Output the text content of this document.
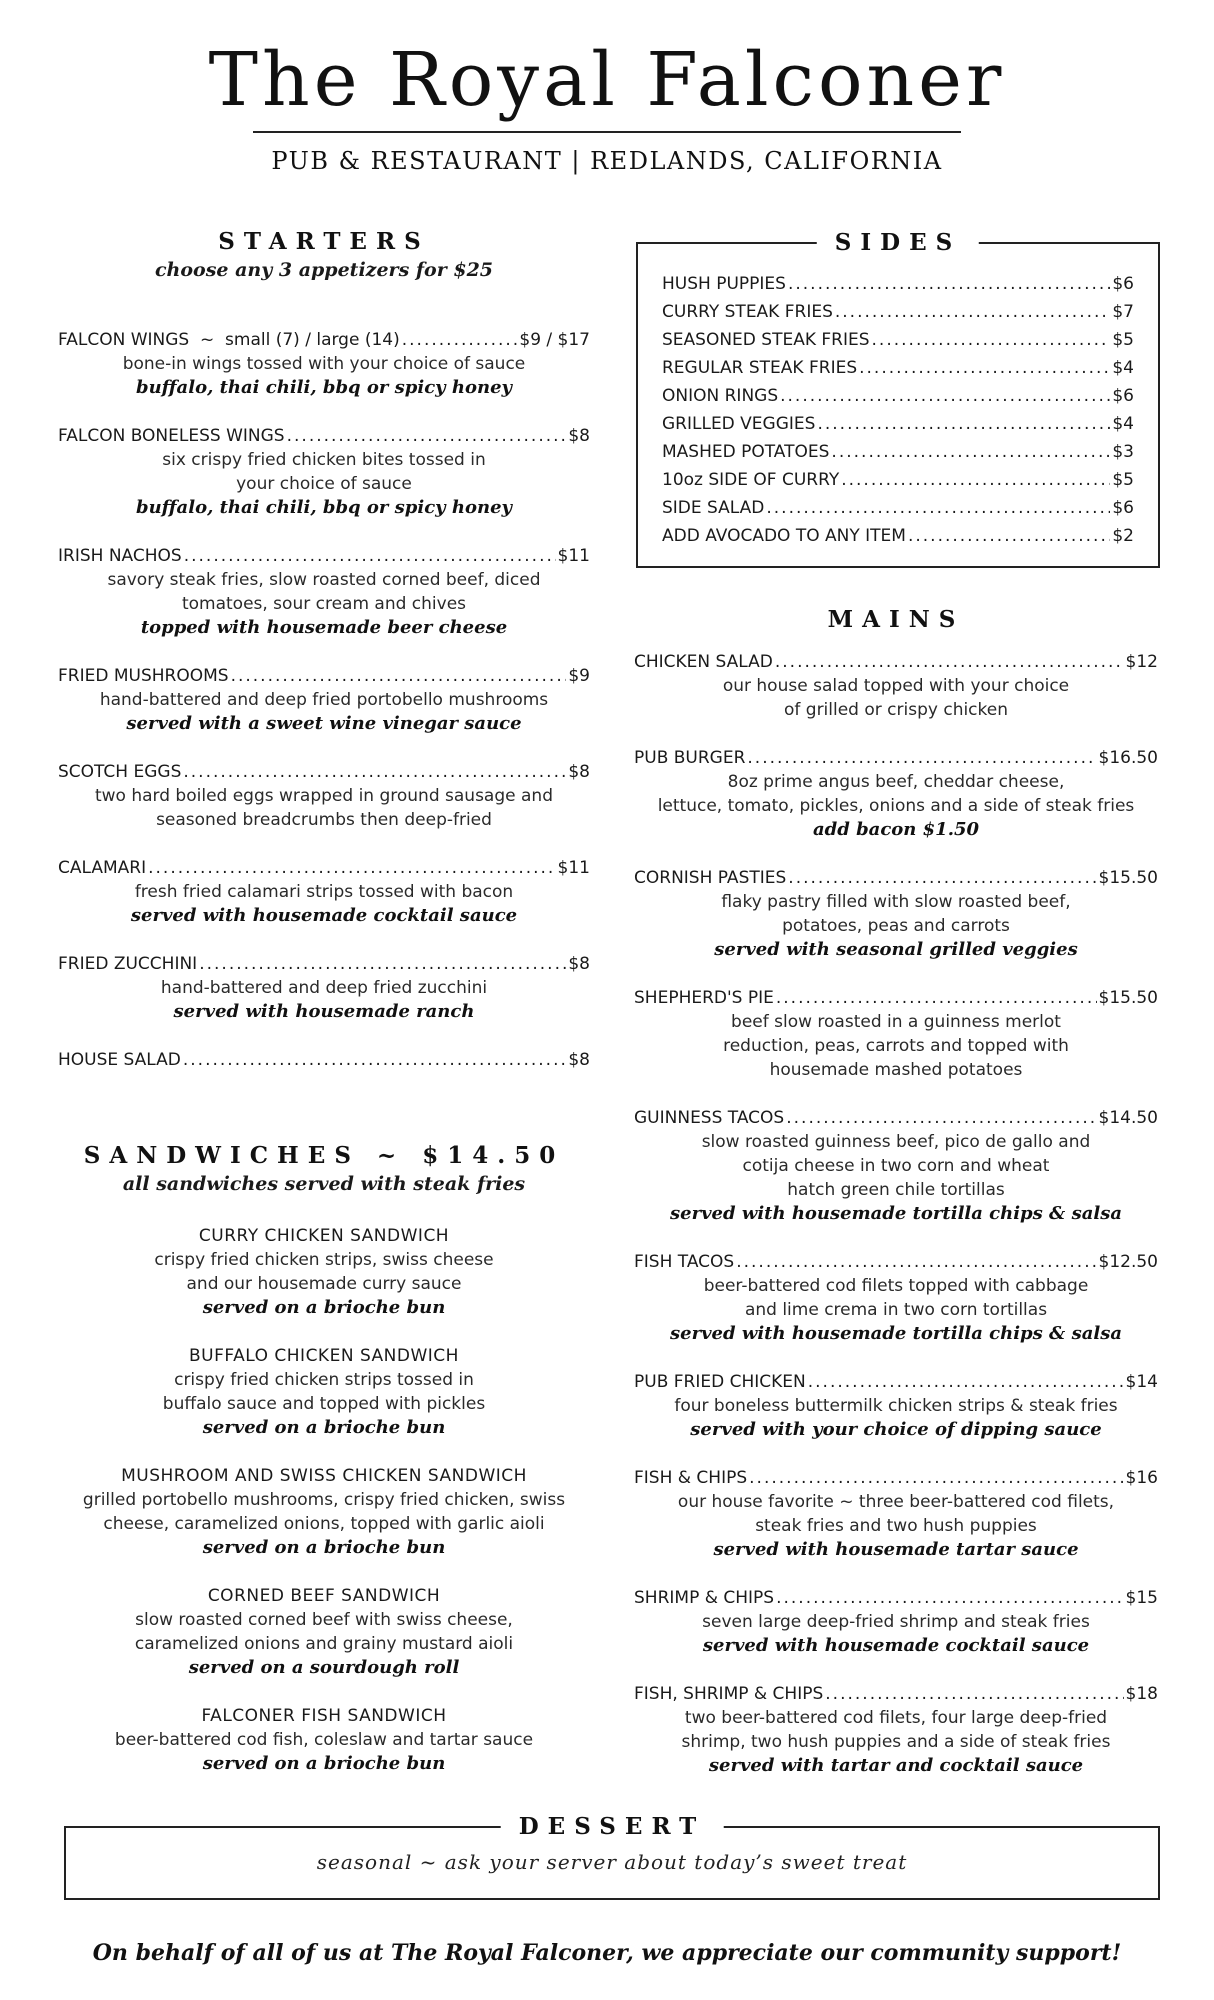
The Royal Falconer
PUB & RESTAURANT | REDLANDS, CALIFORNIA
STARTERS
choose any 3 appetizers for $25
FALCON WINGS  ~  small (7) / large (14) .....	$9 / $17
bone-in wings tossed with your choice of sauce
buffalo, thai chili, bbq or spicy honey
FALCON BONELESS WINGS .....	$8
six crispy fried chicken bites tossed in
your choice of sauce
buffalo, thai chili, bbq or spicy honey
IRISH NACHOS .....	$11
savory steak fries, slow roasted corned beef, diced
tomatoes, sour cream and chives
topped with housemade beer cheese
FRIED MUSHROOMS .....	$9
hand-battered and deep fried portobello mushrooms
served with a sweet wine vinegar sauce
SCOTCH EGGS .....	$8
two hard boiled eggs wrapped in ground sausage and
seasoned breadcrumbs then deep-fried
CALAMARI .....	$11
fresh fried calamari strips tossed with bacon
served with housemade cocktail sauce
FRIED ZUCCHINI .....	$8
hand-battered and deep fried zucchini
served with housemade ranch
HOUSE SALAD .....	$8
SANDWICHES ~ $14.50
all sandwiches served with steak fries
CURRY CHICKEN SANDWICH
crispy fried chicken strips, swiss cheese
and our housemade curry sauce
served on a brioche bun
BUFFALO CHICKEN SANDWICH
crispy fried chicken strips tossed in
buffalo sauce and topped with pickles
served on a brioche bun
MUSHROOM AND SWISS CHICKEN SANDWICH
grilled portobello mushrooms, crispy fried chicken, swiss
cheese, caramelized onions, topped with garlic aioli
served on a brioche bun
CORNED BEEF SANDWICH
slow roasted corned beef with swiss cheese,
caramelized onions and grainy mustard aioli
served on a sourdough roll
FALCONER FISH SANDWICH
beer-battered cod fish, coleslaw and tartar sauce
served on a brioche bun
SIDES
HUSH PUPPIES .....	$6
CURRY STEAK FRIES .....	$7
SEASONED STEAK FRIES .....	$5
REGULAR STEAK FRIES .....	$4
ONION RINGS .....	$6
GRILLED VEGGIES .....	$4
MASHED POTATOES .....	$3
10oz SIDE OF CURRY .....	$5
SIDE SALAD .....	$6
ADD AVOCADO TO ANY ITEM .....	$2
MAINS
CHICKEN SALAD .....	$12
our house salad topped with your choice
of grilled or crispy chicken
PUB BURGER .....	$16.50
8oz prime angus beef, cheddar cheese,
lettuce, tomato, pickles, onions and a side of steak fries
add bacon $1.50
CORNISH PASTIES .....	$15.50
flaky pastry filled with slow roasted beef,
potatoes, peas and carrots
served with seasonal grilled veggies
SHEPHERD'S PIE .....	$15.50
beef slow roasted in a guinness merlot
reduction, peas, carrots and topped with
housemade mashed potatoes
GUINNESS TACOS .....	$14.50
slow roasted guinness beef, pico de gallo and
cotija cheese in two corn and wheat
hatch green chile tortillas
served with housemade tortilla chips & salsa
FISH TACOS .....	$12.50
beer-battered cod filets topped with cabbage
and lime crema in two corn tortillas
served with housemade tortilla chips & salsa
PUB FRIED CHICKEN .....	$14
four boneless buttermilk chicken strips & steak fries
served with your choice of dipping sauce
FISH & CHIPS .....	$16
our house favorite ~ three beer-battered cod filets,
steak fries and two hush puppies
served with housemade tartar sauce
SHRIMP & CHIPS .....	$15
seven large deep-fried shrimp and steak fries
served with housemade cocktail sauce
FISH, SHRIMP & CHIPS .....	$18
two beer-battered cod filets, four large deep-fried
shrimp, two hush puppies and a side of steak fries
served with tartar and cocktail sauce
DESSERT
seasonal ~ ask your server about today’s sweet treat
On behalf of all of us at The Royal Falconer, we appreciate our community support!
